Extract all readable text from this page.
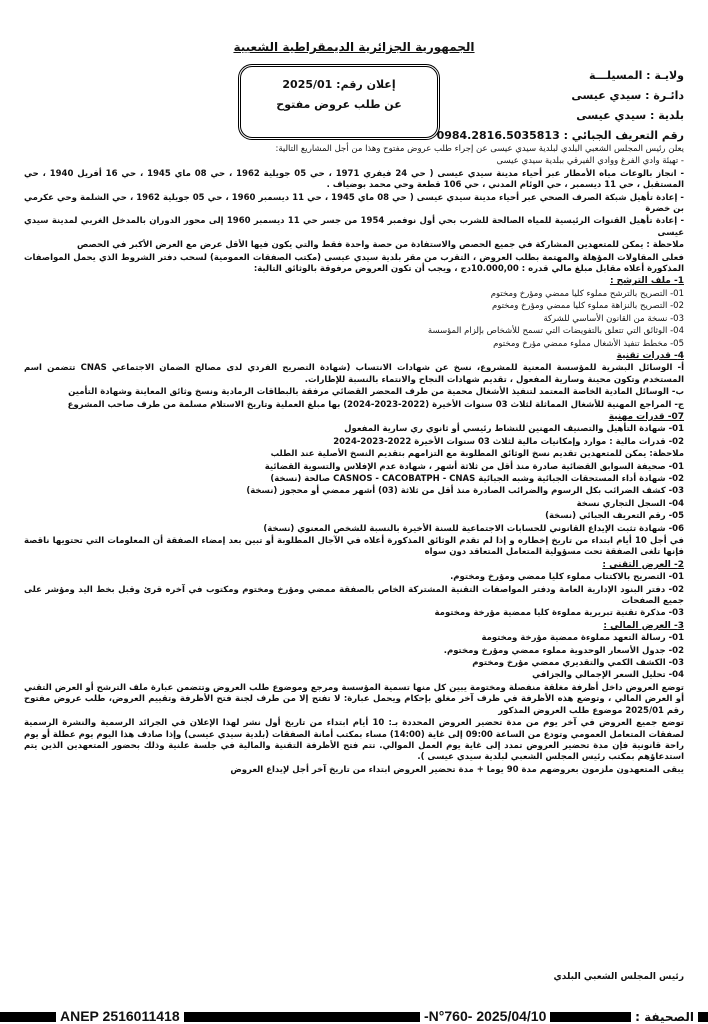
الجمهورية الجزائرية الديمقراطية الشعبية
ولايـة : المسيلـــة
دائـرة : سيدي عيسى
بلدية : سيدي عيسى
رقم التعريف الجبائي : 0984.2816.5035813
إعلان رقم: 2025/01
عن طلب عروض مفتوح

يعلن رئيس المجلس الشعبي البلدي لبلدية سيدي عيسى عن إجراء طلب عروض مفتوح وهذا من أجل المشاريع التالية:

- تهيئة وادي الفرغ ووادي الفيرقي ببلدية سيدي عيسى

- انجاز بالوعات مياه الأمطار عبر أحياء مدينة سيدي عيسى ( حي 24 فيفري 1971 ، حي 05 جويلية 1962 ، حي 08 ماي 1945 ، حي 16 أفريل 1940 ، حي المستقبل ، حي 11 ديسمبر ، حي الوئام المدني ، حي 106 قطعة وحي محمد بوضياف .

- إعادة تأهيل شبكة الصرف الصحي عبر أحياء مدينة سيدي عيسى ( حي 08 ماي 1945 ، حي 11 ديسمبر 1960 ، حي 05 جويلية 1962 ، حي الشلمة وحي عكرمي بن خضرة

- إعادة تأهيل القنوات الرئيسية للمياه الصالحة للشرب بحي أول نوفمبر 1954 من جسر حي 11 ديسمبر 1960 إلى محور الدوران بالمدخل الغربي لمدينة سيدي عيسى

ملاحظة : يمكن للمتعهدين المشاركة في جميع الحصص والاستفادة من حصة واحدة فقط والتي يكون فيها الأقل عرض مع العرض الأكبر في الحصص

فعلى المقاولات المؤهلة والمهتمة بطلب العروض ، التقرب من مقر بلدية سيدي عيسى (مكتب الصفقات العمومية) لسحب دفتر الشروط الذي يحمل المواصفات المذكورة أعلاه مقابل مبلغ مالي قدره : 10.000,00دج ، ويجب أن تكون العروض مرفوقة بالوثائق التالية:

1- ملف الترشح :

01- التصريح بالترشح مملوء كليا ممضي ومؤرخ ومختوم

02- التصريح بالنزاهة مملوء كليا ممضي ومؤرخ ومختوم

03- نسخة من القانون الأساسي للشركة

04- الوثائق التي تتعلق بالتفويضات التي تسمح للأشخاص بإلزام المؤسسة

05- مخطط تنفيذ الأشغال مملوء ممضي مؤرخ ومختوم

4- قدرات تقنية

أ- الوسائل البشرية للمؤسسة المعنية للمشروع، نسخ عن شهادات الانتساب (شهادة التصريح الفردي لدى مصالح الضمان الاجتماعي CNAS تتضمن اسم المستخدم وتكون محينة وسارية المفعول ، تقديم شهادات النجاح والانتماء بالنسبة للإطارات.

ب- الوسائل المادية الخاصة المعتمد لتنفيذ الأشغال محمية من طرف المحضر القضائي مرفقة بالبطاقات الرمادية ونسخ وثائق المعاينة وشهادة التأمين

ج- المراجع المهنية للأشغال المماثلة لثلاث 03 سنوات الأخيرة (2022-2023-2024) بها مبلغ العملية وتاريخ الاستلام مسلمة من طرف صاحب المشروع

07- قدرات مهنية

01- شهادة التأهيل والتصنيف المهنين للنشاط رئيسي أو ثانوي ري سارية المفعول

02- قدرات مالية : موارد وإمكانيات مالية لثلاث 03 سنوات الأخيرة 2022-2023-2024

ملاحظة: يمكن للمتعهدين تقديم نسخ الوثائق المطلوبة مع التزامهم بتقديم النسخ الأصلية عند الطلب

01- صحيفة السوابق القضائية صادرة منذ أقل من ثلاثة أشهر ، شهادة عدم الإفلاس والتسوية القضائية

02- شهادة أداء المستحقات الجبائية وشبه الجبائية CASNOS - CACOBATPH - CNAS صالحة (نسخة)

03- كشف الضرائب بكل الرسوم والضرائب الصادرة منذ أقل من ثلاثة (03) أشهر ممضي أو محجوز (نسخة)

04- السجل التجاري نسخة

05- رقم التعريف الجبائي (نسخة)

06- شهادة تثبت الإيداع القانوني للحسابات الاجتماعية للسنة الأخيرة بالنسبة للشخص المعنوي (نسخة)

في أجل 10 أيام ابتداء من تاريخ إخطاره و إذا لم تقدم الوثائق المذكورة أعلاه في الآجال المطلوبة أو تبين بعد إمضاء الصفقة أن المعلومات التي تحتويها ناقصة فإنها تلغى الصفقة تحت مسؤولية المتعامل المتعاقد دون سواه

2- العرض التقني :

01- التصريح بالاكتتاب مملوء كليا ممضي ومؤرخ ومختوم.

02- دفتر البنود الإدارية العامة ودفتر المواصفات التقنية المشتركة الخاص بالصفقة ممضي ومؤرخ ومختوم ومكتوب في آخره قرئ وقبل بخط اليد ومؤشر على جميع الصفحات

03- مذكرة تقنية تبريرية مملوءة كليا ممضية مؤرخة ومختومة

3- العرض المالي :

01- رسالة التعهد مملوءة ممضية مؤرخة ومختومة

02- جدول الأسعار الوحدوية مملوء ممضي ومؤرخ ومختوم.

03- الكشف الكمي والتقديري ممضي مؤرخ ومختوم

04- تحليل السعر الإجمالي والجزافي

توضع العروض داخل أظرفة مغلقة منفصلة ومختومة يبين كل منها تسمية المؤسسة ومرجع وموضوع طلب العروض وتتضمن عبارة ملف الترشح أو العرض التقني أو العرض المالي ، وتوضع هذه الأظرفة في ظرف آخر مغلق بإحكام ويحمل عبارة: لا تفتح إلا من طرف لجنة فتح الأظرفة وتقييم العروض، طلب عروض مفتوح رقم 2025/01 موضوع طلب العروض المذكور

توضع جميع العروض في آخر يوم من مدة تحضير العروض المحددة بـ: 10 أيام ابتداء من تاريخ أول نشر لهذا الإعلان في الجرائد الرسمية والنشرة الرسمية لصفقات المتعامل العمومي وتودع من الساعة 09:00 إلى غاية (14:00) مساء بمكتب أمانة الصفقات (بلدية سيدي عيسى) وإذا صادف هذا اليوم يوم عطلة أو يوم راحة قانونية فإن مدة تحضير العروض تمدد إلى غاية يوم العمل الموالي. تتم فتح الأظرفة التقنية والمالية في جلسة علنية وذلك بحضور المتعهدين الذين يتم استدعاؤهم بمكتب رئيس المجلس الشعبي لبلدية سيدي عيسى ).

يبقى المتعهدون ملزمون بعروضهم مدة 90 يوما + مدة تحضير العروض ابتداء من تاريخ آخر أجل لإيداع العروض

رئيس المجلس الشعبي البلدي
ANEP 2516011418	2025/04/10 -N°760-	الصحيفة :
